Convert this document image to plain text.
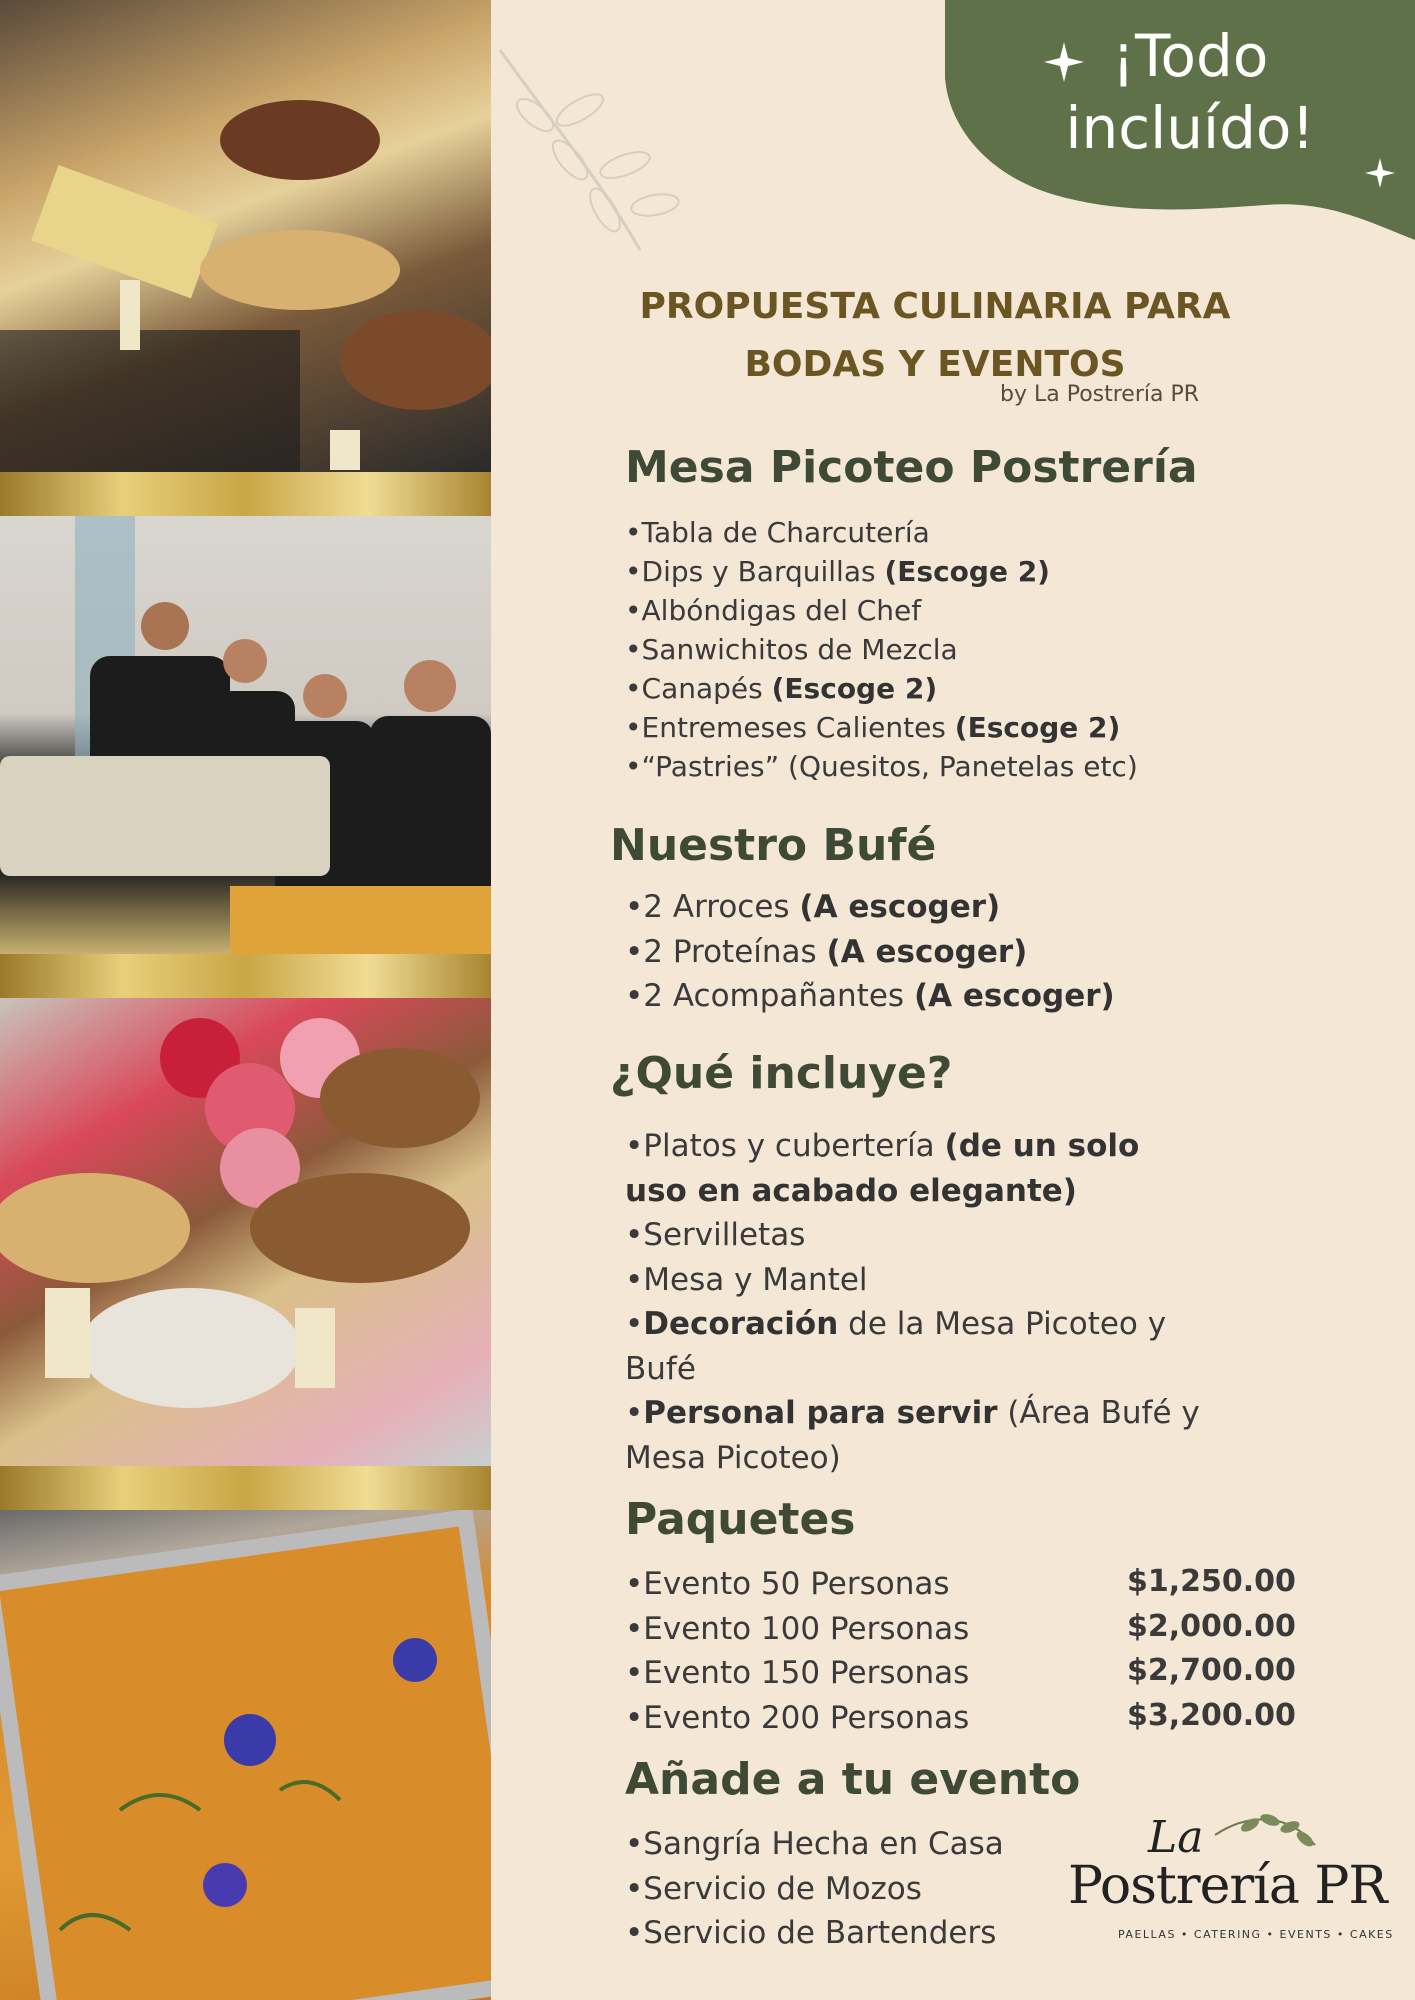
¡Todo
incluído!
PROPUESTA CULINARIA PARA
BODAS Y EVENTOS
by La Postrería PR
Mesa Picoteo Postrería
•Tabla de Charcutería
•Dips y Barquillas (Escoge 2)
•Albóndigas del Chef
•Sanwichitos de Mezcla
•Canapés (Escoge 2)
•Entremeses Calientes (Escoge 2)
•“Pastries” (Quesitos, Panetelas etc)
Nuestro Bufé
•2 Arroces (A escoger)
•2 Proteínas (A escoger)
•2 Acompañantes (A escoger)
¿Qué incluye?
•Platos y cubertería (de un solo uso en acabado elegante)
•Servilletas
•Mesa y Mantel
•Decoración de la Mesa Picoteo y Bufé
•Personal para servir (Área Bufé y Mesa Picoteo)
Paquetes
•Evento 50 Personas
•Evento 100 Personas
•Evento 150 Personas
•Evento 200 Personas
$1,250.00
$2,000.00
$2,700.00
$3,200.00
Añade a tu evento
•Sangría Hecha en Casa
•Servicio de Mozos
•Servicio de Bartenders
La
Postrería PR
PAELLAS • CATERING • EVENTS • CAKES
